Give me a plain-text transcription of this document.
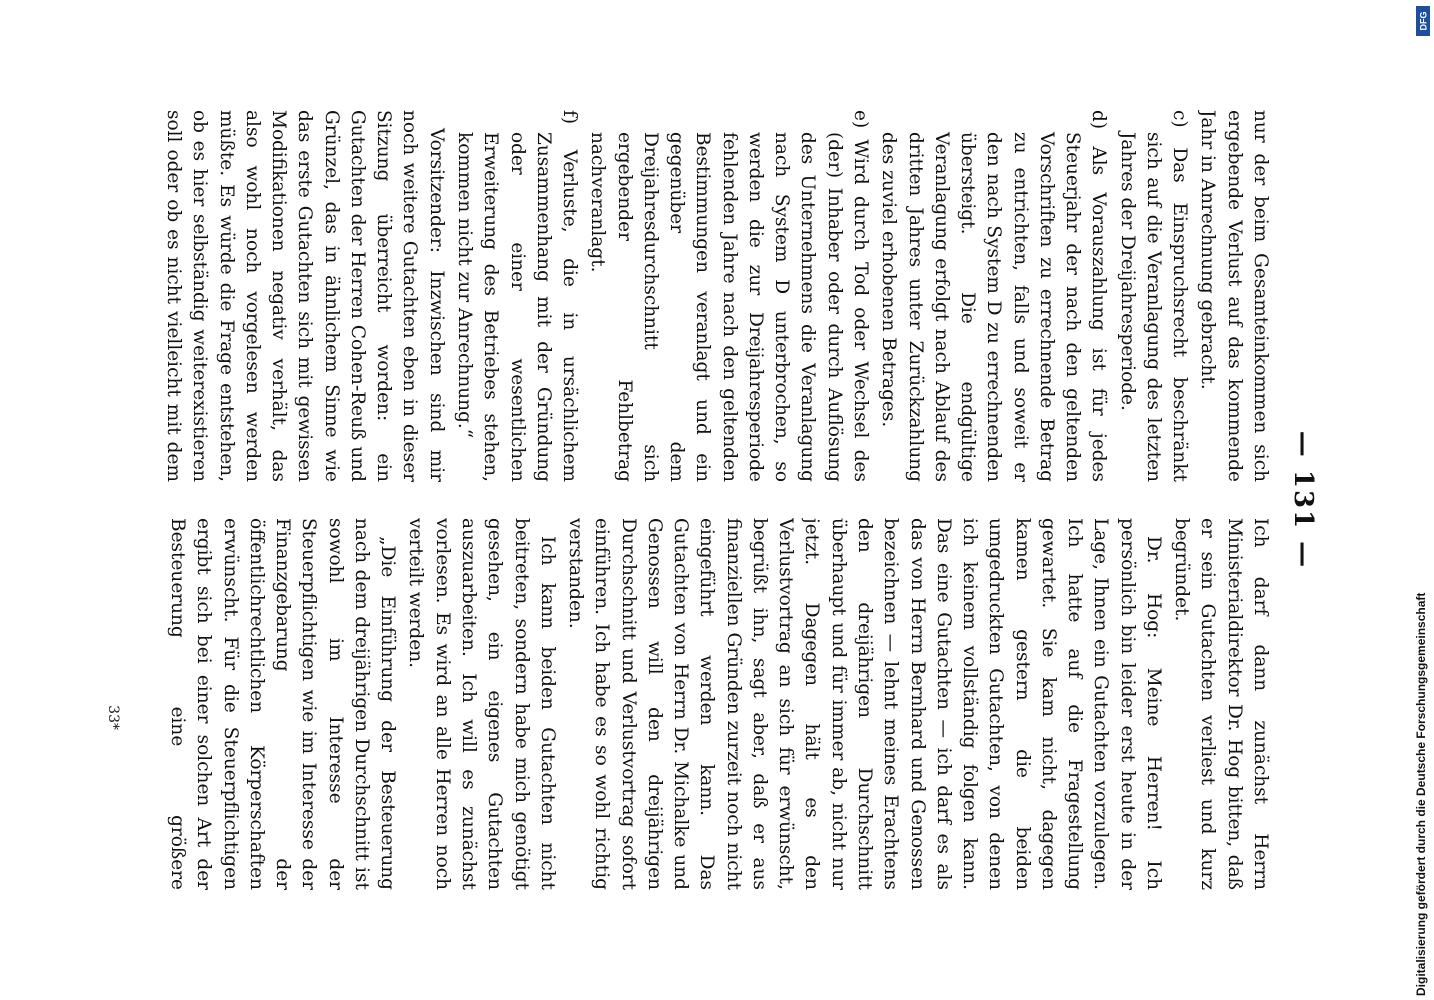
— 131 —

nur der beim Gesamteinkommen sich ergebende Verlust auf das kommende Jahr in Anrechnung gebracht.

c) Das Einspruchsrecht beschränkt sich auf die Veranlagung des letzten Jahres der Dreijahresperiode.

d) Als Vorauszahlung ist für jedes Steuerjahr der nach den geltenden Vorschriften zu errechnende Betrag zu entrichten, falls und soweit er den nach System D zu errechnenden übersteigt. Die endgültige Veranlagung erfolgt nach Ablauf des dritten Jahres unter Zurückzahlung des zuviel erhobenen Betrages.

e) Wird durch Tod oder Wechsel des (der) Inhaber oder durch Auflösung des Unternehmens die Veranlagung nach System D unterbrochen, so werden die zur Dreijahresperiode fehlenden Jahre nach den geltenden Bestimmungen veranlagt und ein gegenüber dem Dreijahresdurchschnitt sich ergebender Fehlbetrag nachveranlagt.

f) Verluste, die in ursächlichem Zusammenhang mit der Gründung oder einer wesentlichen Erweiterung des Betriebes stehen, kommen nicht zur Anrechnung.“

Vorsitzender: Inzwischen sind mir noch weitere Gutachten eben in dieser Sitzung überreicht worden: ein Gutachten der Herren Cohen-Reuß und Grünzel, das in ähnlichem Sinne wie das erste Gutachten sich mit gewissen Modifikationen negativ verhält, das also wohl noch vorgelesen werden müßte. Es würde die Frage entstehen, ob es hier selbständig weiterexistieren soll oder ob es nicht vielleicht mit dem

Ich darf dann zunächst Herrn Ministerialdirektor Dr. Hog bitten, daß er sein Gutachten verliest und kurz begründet.

Dr. Hog: Meine Herren! Ich persönlich bin leider erst heute in der Lage, Ihnen ein Gutachten vorzulegen. Ich hatte auf die Fragestellung gewartet. Sie kam nicht, dagegen kamen gestern die beiden umgedruckten Gutachten, von denen ich keinem vollständig folgen kann. Das eine Gutachten — ich darf es als das von Herrn Bernhard und Genossen bezeichnen — lehnt meines Erachtens den dreijährigen Durchschnitt überhaupt und für immer ab, nicht nur jetzt. Dagegen hält es den Verlustvortrag an sich für erwünscht, begrüßt ihn, sagt aber, daß er aus finanziellen Gründen zurzeit noch nicht eingeführt werden kann. Das Gutachten von Herrn Dr. Michalke und Genossen will den dreijährigen Durchschnitt und Verlustvortrag sofort einführen. Ich habe es so wohl richtig verstanden.

Ich kann beiden Gutachten nicht beitreten, sondern habe mich genötigt gesehen, ein eigenes Gutachten auszuarbeiten. Ich will es zunächst vorlesen. Es wird an alle Herren noch verteilt werden.

„Die Einführung der Besteuerung nach dem dreijährigen Durchschnitt ist sowohl im Interesse der Steuerpflichtigen wie im Interesse der Finanzgebarung der öffentlichrechtlichen Körperschaften erwünscht. Für die Steuerpflichtigen ergibt sich bei einer solchen Art der Besteuerung eine größere

33*	Digitalisierung gefördert durch die Deutsche Forschungsgemeinschaft
DFG
